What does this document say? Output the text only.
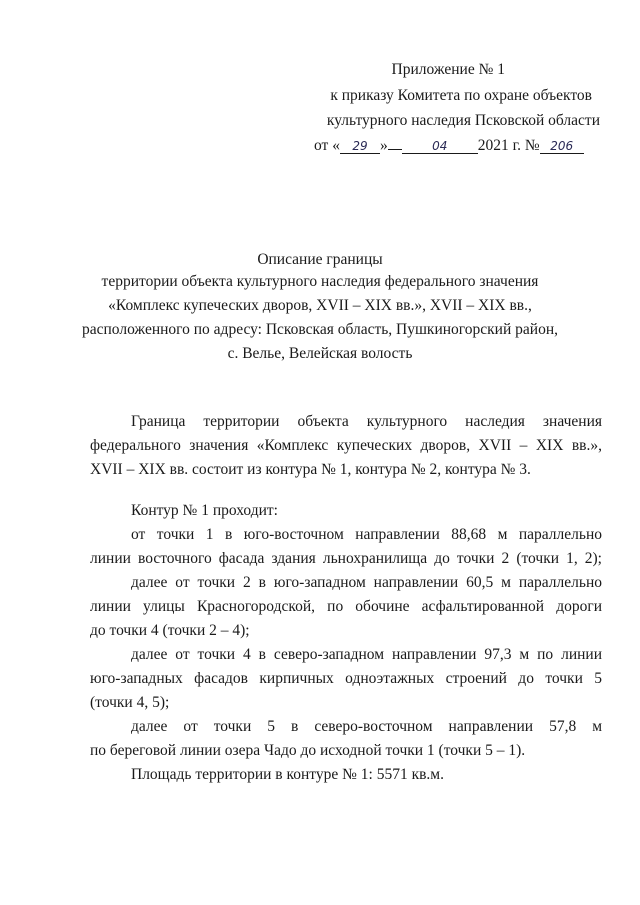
Приложение № 1
к приказу Комитета по охране объектов
культурного наследия Псковской области
от « 29 »	04 2021 г. № 206
Описание границы
территории объекта культурного наследия федерального значения
«Комплекс купеческих дворов, XVII – XIX вв.», XVII – XIX вв.,
расположенного по адресу: Псковская область, Пушкиногорский район,
с. Велье, Велейская волость
Граница территории объекта культурного наследия значения
федерального значения «Комплекс купеческих дворов, XVII – XIX вв.»,
XVII – XIX вв. состоит из контура № 1, контура № 2, контура № 3.
Контур № 1 проходит:
от точки 1 в юго-восточном направлении 88,68 м параллельно
линии восточного фасада здания льнохранилища до точки 2 (точки 1, 2);
далее от точки 2 в юго-западном направлении 60,5 м параллельно
линии улицы Красногородской, по обочине асфальтированной дороги
до точки 4 (точки 2 – 4);
далее от точки 4 в северо-западном направлении 97,3 м по линии
юго-западных фасадов кирпичных одноэтажных строений до точки 5
(точки 4, 5);
далее от точки 5 в северо-восточном направлении 57,8 м
по береговой линии озера Чадо до исходной точки 1 (точки 5 – 1).
Площадь территории в контуре № 1: 5571 кв.м.
